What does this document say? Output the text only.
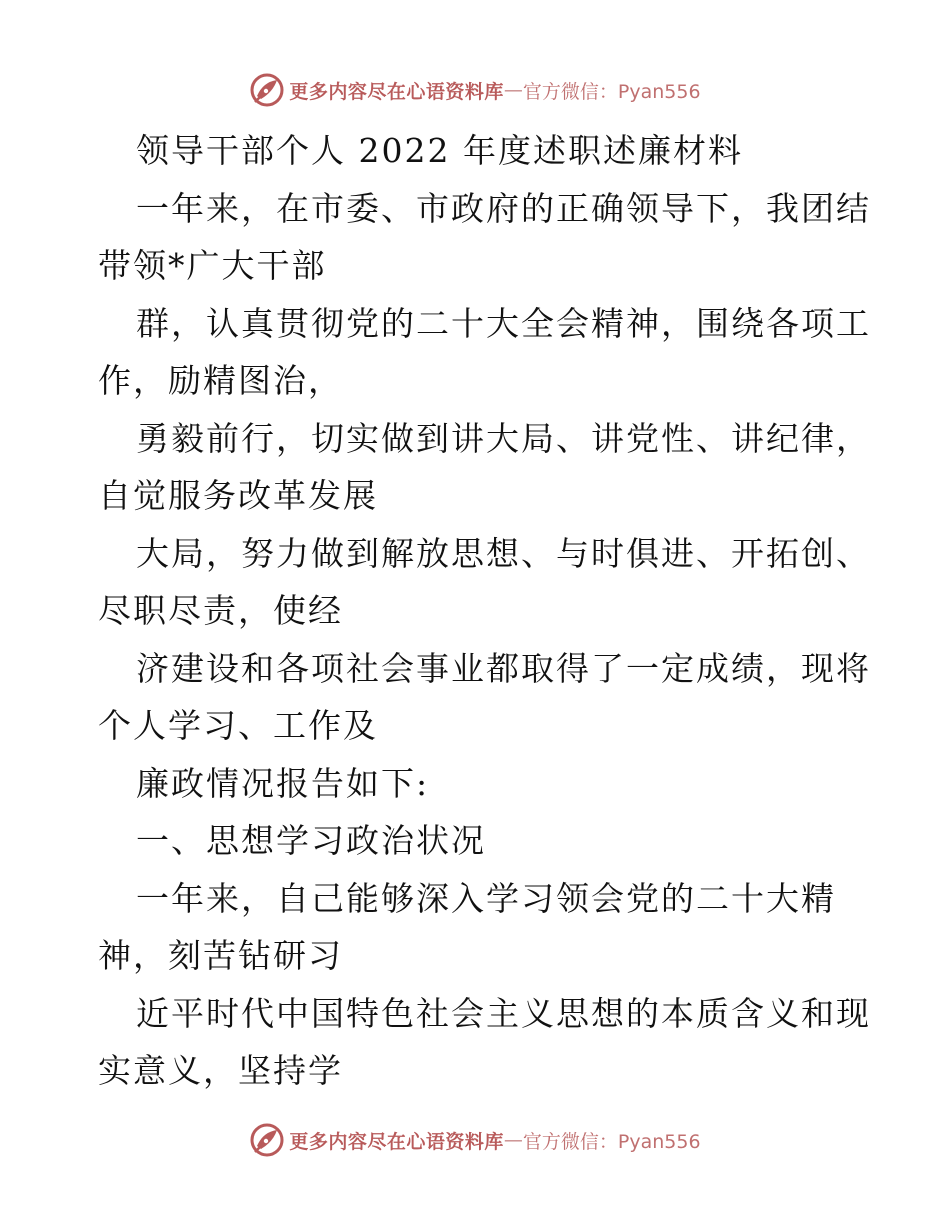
更多内容尽在心语资料库 — 官方微信：Pyan556
领导干部个人 2022 年度述职述廉材料
一年来，在市委、市政府的正确领导下，我团结
带领*广大干部
群，认真贯彻党的二十大全会精神，围绕各项工
作，励精图治，
勇毅前行，切实做到讲大局、讲党性、讲纪律，
自觉服务改革发展
大局，努力做到解放思想、与时俱进、开拓创、
尽职尽责，使经
济建设和各项社会事业都取得了一定成绩，现将
个人学习、工作及
廉政情况报告如下:
一、思想学习政治状况
一年来，自己能够深入学习领会党的二十大精
神，刻苦钻研习
近平时代中国特色社会主义思想的本质含义和现
实意义，坚持学
更多内容尽在心语资料库 — 官方微信：Pyan556
